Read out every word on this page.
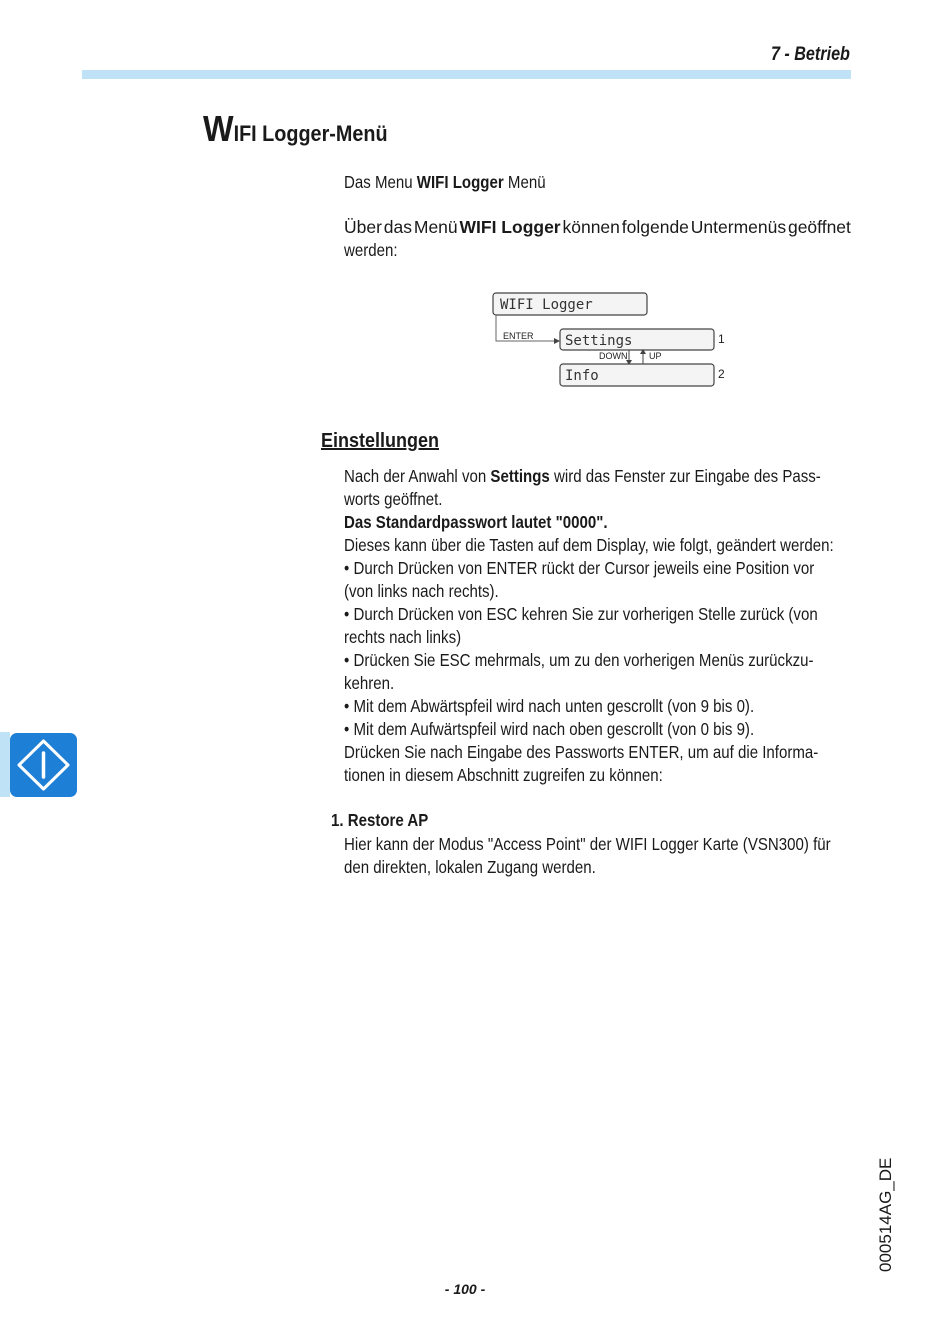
7 - Betrieb
WIFI Logger-Menü
Das Menu WIFI Logger Menü
Über das Menü WIFI Logger können folgende Untermenüs geöffnet
werden:
WIFI Logger
ENTER Settings	1
DOWN UP
Info	2
Einstellungen
Nach der Anwahl von Settings wird das Fenster zur Eingabe des Pass-
worts geöffnet.
Das Standardpasswort lautet "0000".
Dieses kann über die Tasten auf dem Display, wie folgt, geändert werden:
• Durch Drücken von ENTER rückt der Cursor jeweils eine Position vor
(von links nach rechts).
• Durch Drücken von ESC kehren Sie zur vorherigen Stelle zurück (von
rechts nach links)
• Drücken Sie ESC mehrmals, um zu den vorherigen Menüs zurückzu-
kehren.
• Mit dem Abwärtspfeil wird nach unten gescrollt (von 9 bis 0).
• Mit dem Aufwärtspfeil wird nach oben gescrollt (von 0 bis 9).
Drücken Sie nach Eingabe des Passworts ENTER, um auf die Informa-
tionen in diesem Abschnitt zugreifen zu können:
1. Restore AP
Hier kann der Modus "Access Point" der WIFI Logger Karte (VSN300) für
den direkten, lokalen Zugang werden.
000514AG_DE
- 100 -
